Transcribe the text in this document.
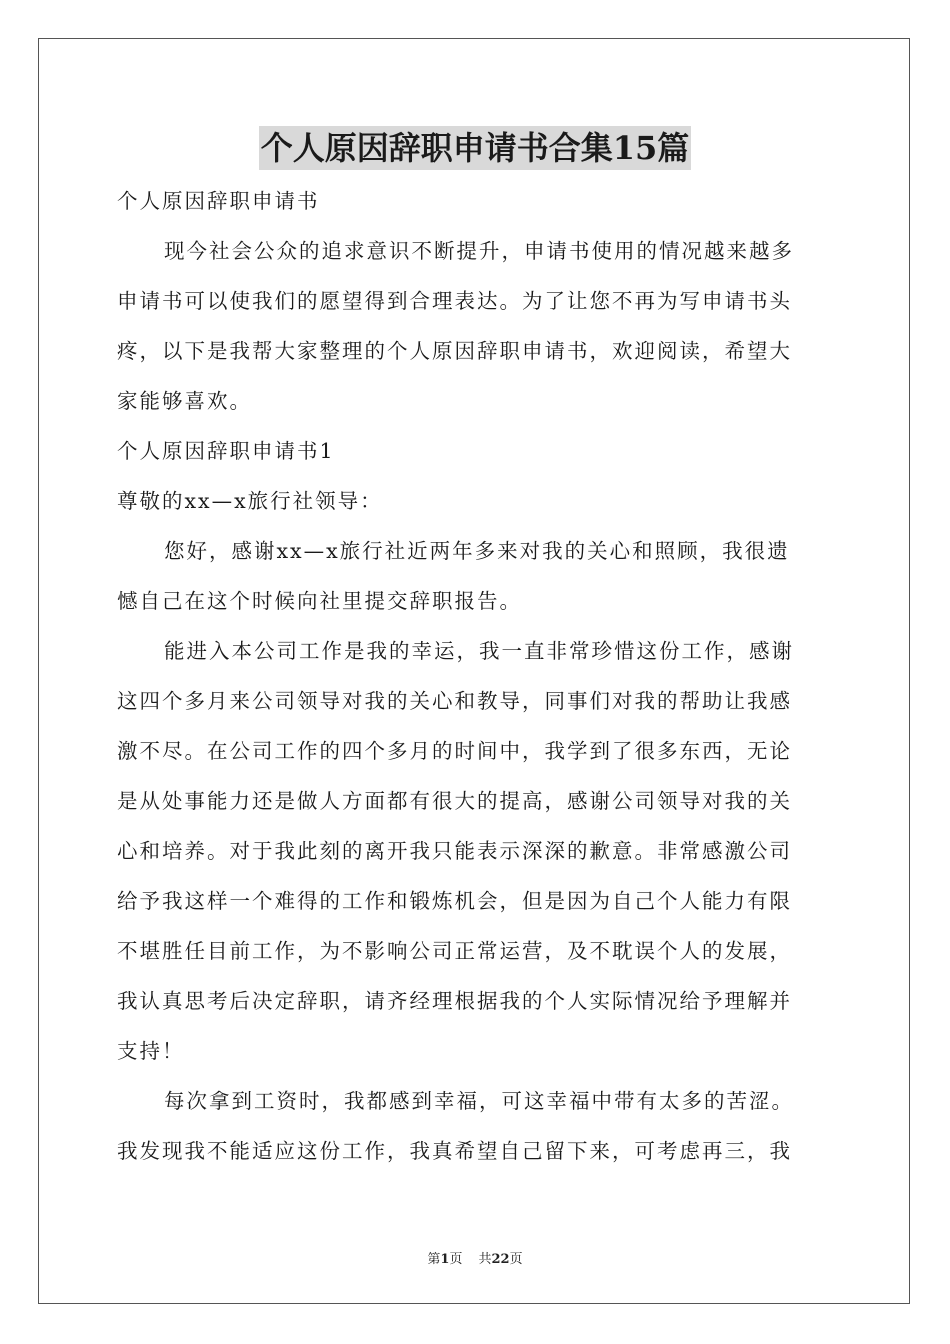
个人原因辞职申请书合集15篇
个人原因辞职申请书
现今社会公众的追求意识不断提升，申请书使用的情况越来越多
申请书可以使我们的愿望得到合理表达。为了让您不再为写申请书头
疼，以下是我帮大家整理的个人原因辞职申请书，欢迎阅读，希望大
家能够喜欢。
个人原因辞职申请书1
尊敬的xx—x旅行社领导：
您好，感谢xx—x旅行社近两年多来对我的关心和照顾，我很遗
憾自己在这个时候向社里提交辞职报告。
能进入本公司工作是我的幸运，我一直非常珍惜这份工作，感谢
这四个多月来公司领导对我的关心和教导，同事们对我的帮助让我感
激不尽。在公司工作的四个多月的时间中，我学到了很多东西，无论
是从处事能力还是做人方面都有很大的提高，感谢公司领导对我的关
心和培养。对于我此刻的离开我只能表示深深的歉意。非常感激公司
给予我这样一个难得的工作和锻炼机会，但是因为自己个人能力有限
不堪胜任目前工作，为不影响公司正常运营，及不耽误个人的发展，
我认真思考后决定辞职，请齐经理根据我的个人实际情况给予理解并
支持！
每次拿到工资时，我都感到幸福，可这幸福中带有太多的苦涩。
我发现我不能适应这份工作，我真希望自己留下来，可考虑再三，我
第1页 共22页
